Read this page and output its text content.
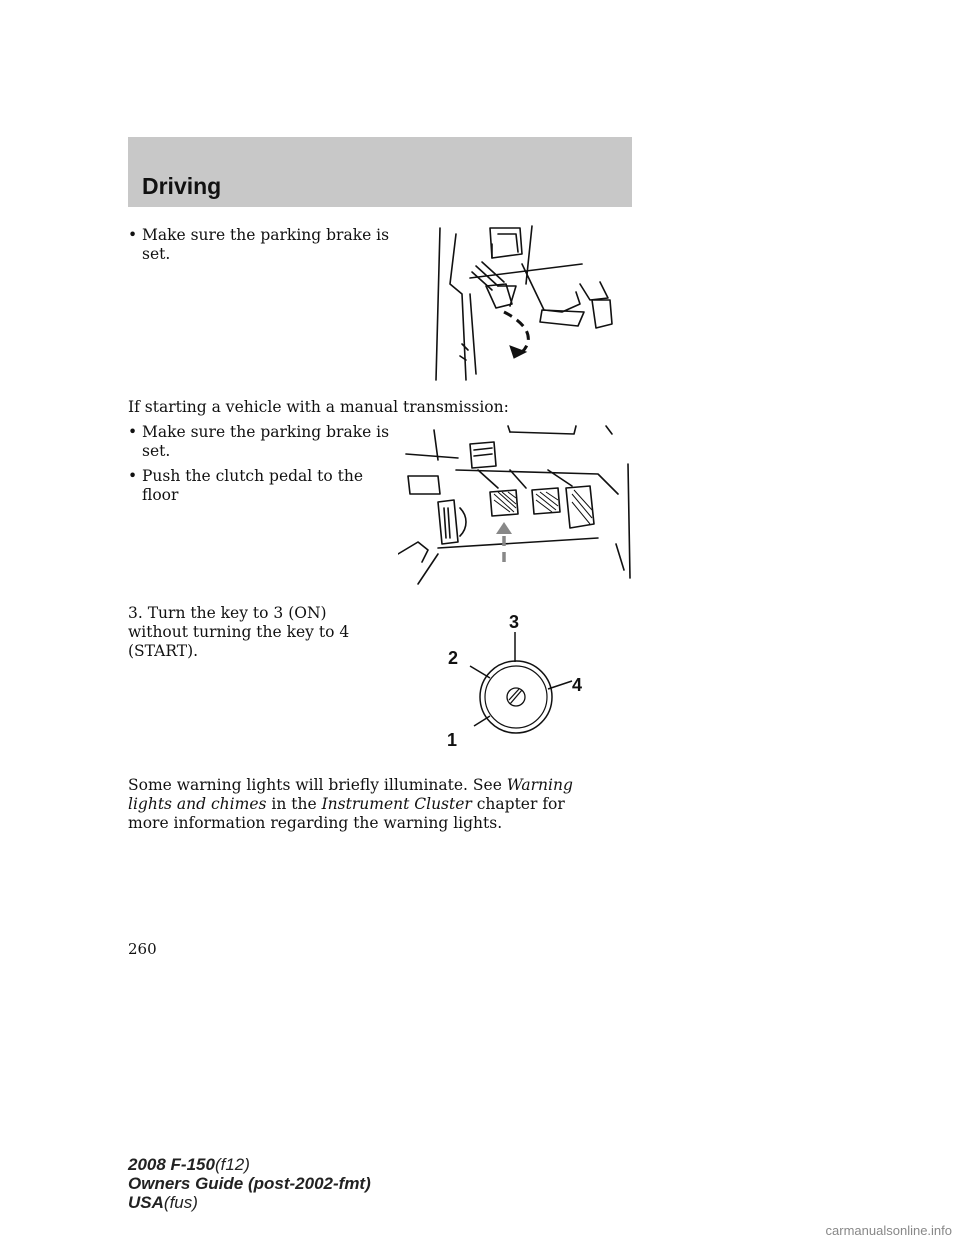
Driving
• Make sure the parking brake is set.
If starting a vehicle with a manual transmission:
• Make sure the parking brake is set.
• Push the clutch pedal to the floor
3. Turn the key to 3 (ON) without turning the key to 4 (START).
1
2
3
4
Some warning lights will briefly illuminate. See Warning lights and chimes in the Instrument Cluster chapter for more information regarding the warning lights.
260
2008 F-150(f12)
Owners Guide (post-2002-fmt)
USA(fus)
carmanualsonline.info
